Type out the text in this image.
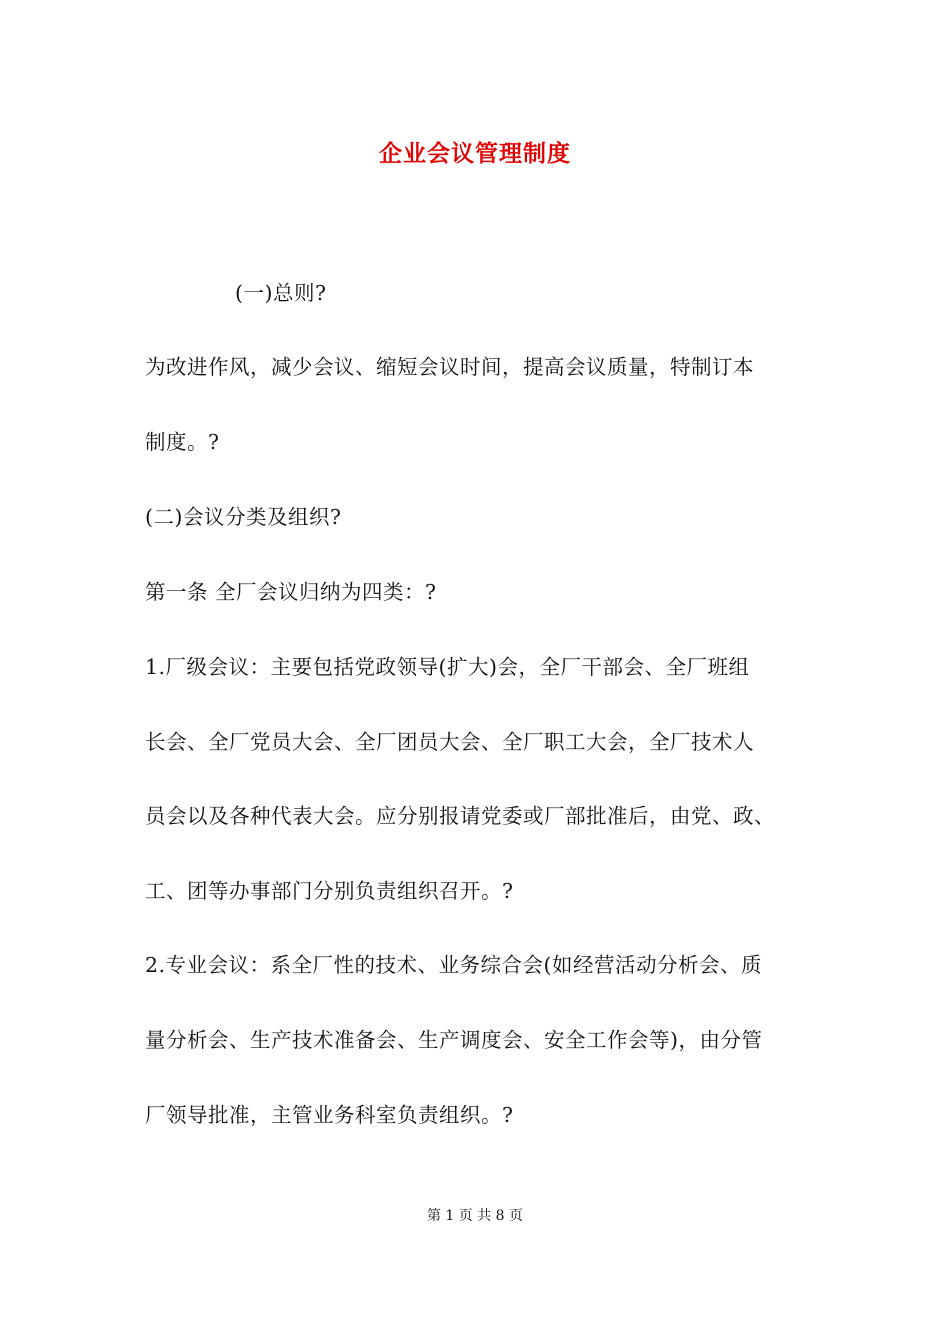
企业会议管理制度
(一)总则?
为改进作风，减少会议、缩短会议时间，提高会议质量，特制订本
制度。?
(二)会议分类及组织?
第一条 全厂会议归纳为四类：?
1.厂级会议：主要包括党政领导(扩大)会，全厂干部会、全厂班组
长会、全厂党员大会、全厂团员大会、全厂职工大会，全厂技术人
员会以及各种代表大会。应分别报请党委或厂部批准后，由党、政、
工、团等办事部门分别负责组织召开。?
2.专业会议：系全厂性的技术、业务综合会(如经营活动分析会、质
量分析会、生产技术准备会、生产调度会、安全工作会等)，由分管
厂领导批准，主管业务科室负责组织。?
第 1 页 共 8 页
